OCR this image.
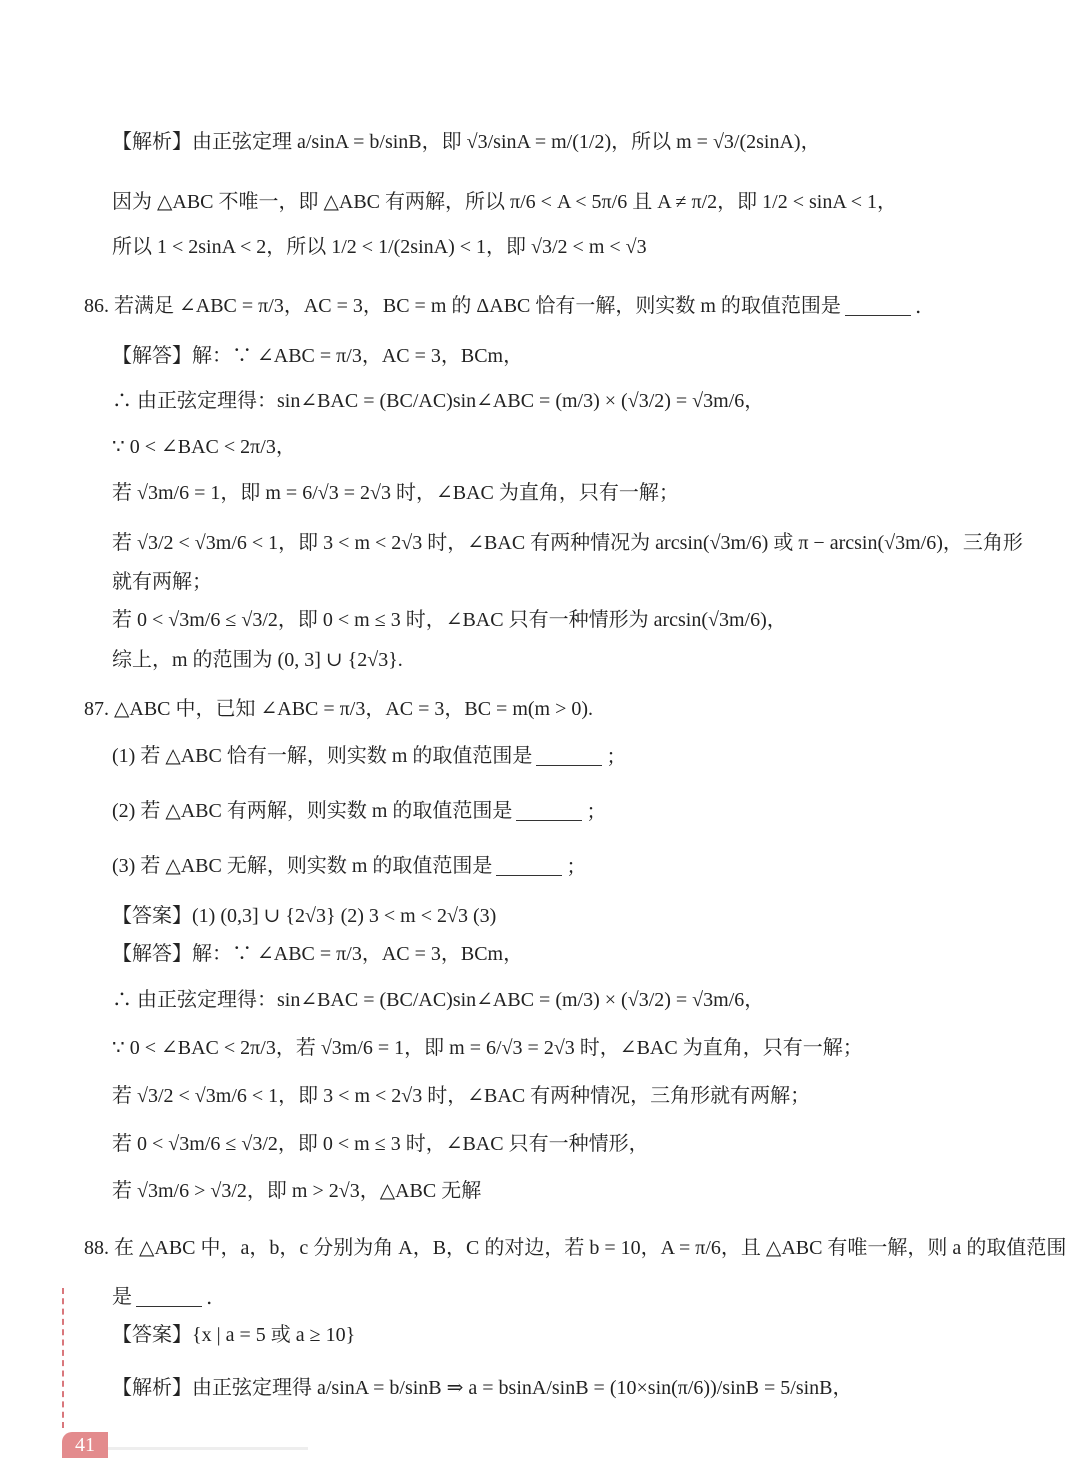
【解析】由正弦定理 a/sinA = b/sinB，即 √3/sinA = m/(1/2)，所以 m = √3/(2sinA)，
因为 △ABC 不唯一，即 △ABC 有两解，所以 π/6 < A < 5π/6 且 A ≠ π/2，即 1/2 < sinA < 1，
所以 1 < 2sinA < 2，所以 1/2 < 1/(2sinA) < 1，即 √3/2 < m < √3
86. 若满足 ∠ABC = π/3，AC = 3，BC = m 的 ΔABC 恰有一解，则实数 m 的取值范围是	.
【解答】解：∵ ∠ABC = π/3，AC = 3，BCm，
∴ 由正弦定理得：sin∠BAC = (BC/AC)sin∠ABC = (m/3) × (√3/2) = √3m/6，
∵ 0 < ∠BAC < 2π/3，
若 √3m/6 = 1，即 m = 6/√3 = 2√3 时，∠BAC 为直角，只有一解；
若 √3/2 < √3m/6 < 1，即 3 < m < 2√3 时，∠BAC 有两种情况为 arcsin(√3m/6) 或 π − arcsin(√3m/6)，三角形
就有两解；
若 0 < √3m/6 ≤ √3/2，即 0 < m ≤ 3 时，∠BAC 只有一种情形为 arcsin(√3m/6)，
综上，m 的范围为 (0, 3] ∪ {2√3}.
87. △ABC 中，已知 ∠ABC = π/3，AC = 3，BC = m(m > 0).
(1) 若 △ABC 恰有一解，则实数 m 的取值范围是	；
(2) 若 △ABC 有两解，则实数 m 的取值范围是	；
(3) 若 △ABC 无解，则实数 m 的取值范围是	；
【答案】(1) (0,3] ∪ {2√3} (2) 3 < m < 2√3 (3)
【解答】解：∵ ∠ABC = π/3，AC = 3，BCm，
∴ 由正弦定理得：sin∠BAC = (BC/AC)sin∠ABC = (m/3) × (√3/2) = √3m/6，
∵ 0 < ∠BAC < 2π/3，若 √3m/6 = 1，即 m = 6/√3 = 2√3 时，∠BAC 为直角，只有一解；
若 √3/2 < √3m/6 < 1，即 3 < m < 2√3 时，∠BAC 有两种情况，三角形就有两解；
若 0 < √3m/6 ≤ √3/2，即 0 < m ≤ 3 时，∠BAC 只有一种情形，
若 √3m/6 > √3/2，即 m > 2√3，△ABC 无解
88. 在 △ABC 中，a，b，c 分别为角 A，B，C 的对边，若 b = 10，A = π/6，且 △ABC 有唯一解，则 a 的取值范围
是	.
【答案】{x | a = 5 或 a ≥ 10}
【解析】由正弦定理得 a/sinA = b/sinB ⇒ a = bsinA/sinB = (10×sin(π/6))/sinB = 5/sinB，
41
